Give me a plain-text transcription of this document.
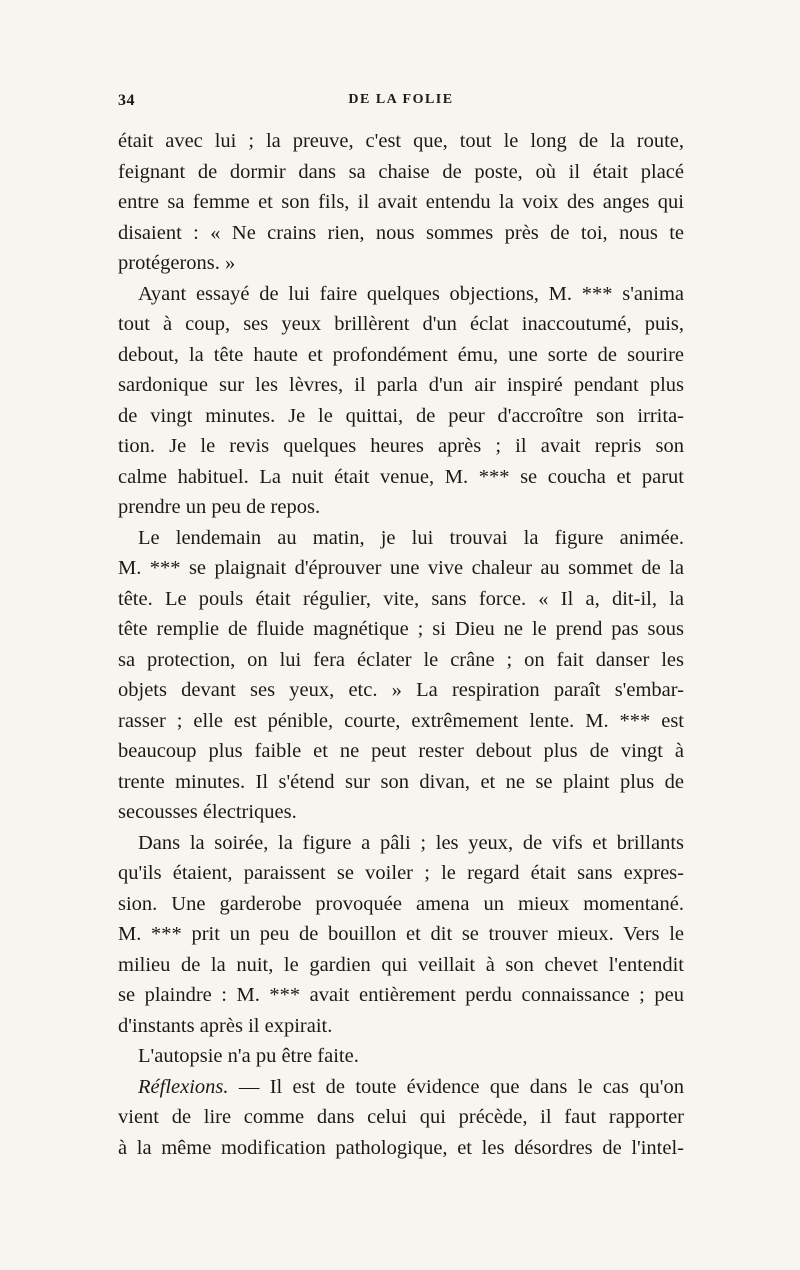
34	DE LA FOLIE
était avec lui ; la preuve, c'est que, tout le long de la route,
feignant de dormir dans sa chaise de poste, où il était placé
entre sa femme et son fils, il avait entendu la voix des anges qui
disaient : « Ne crains rien, nous sommes près de toi, nous te
protégerons. »
Ayant essayé de lui faire quelques objections, M. *** s'anima
tout à coup, ses yeux brillèrent d'un éclat inaccoutumé, puis,
debout, la tête haute et profondément ému, une sorte de sourire
sardonique sur les lèvres, il parla d'un air inspiré pendant plus
de vingt minutes. Je le quittai, de peur d'accroître son irrita-
tion. Je le revis quelques heures après ; il avait repris son
calme habituel. La nuit était venue, M. *** se coucha et parut
prendre un peu de repos.
Le lendemain au matin, je lui trouvai la figure animée.
M. *** se plaignait d'éprouver une vive chaleur au sommet de la
tête. Le pouls était régulier, vite, sans force. « Il a, dit-il, la
tête remplie de fluide magnétique ; si Dieu ne le prend pas sous
sa protection, on lui fera éclater le crâne ; on fait danser les
objets devant ses yeux, etc. » La respiration paraît s'embar-
rasser ; elle est pénible, courte, extrêmement lente. M. *** est
beaucoup plus faible et ne peut rester debout plus de vingt à
trente minutes. Il s'étend sur son divan, et ne se plaint plus de
secousses électriques.
Dans la soirée, la figure a pâli ; les yeux, de vifs et brillants
qu'ils étaient, paraissent se voiler ; le regard était sans expres-
sion. Une garderobe provoquée amena un mieux momentané.
M. *** prit un peu de bouillon et dit se trouver mieux. Vers le
milieu de la nuit, le gardien qui veillait à son chevet l'entendit
se plaindre : M. *** avait entièrement perdu connaissance ; peu
d'instants après il expirait.
L'autopsie n'a pu être faite.
Réflexions. — Il est de toute évidence que dans le cas qu'on
vient de lire comme dans celui qui précède, il faut rapporter
à la même modification pathologique, et les désordres de l'intel-
